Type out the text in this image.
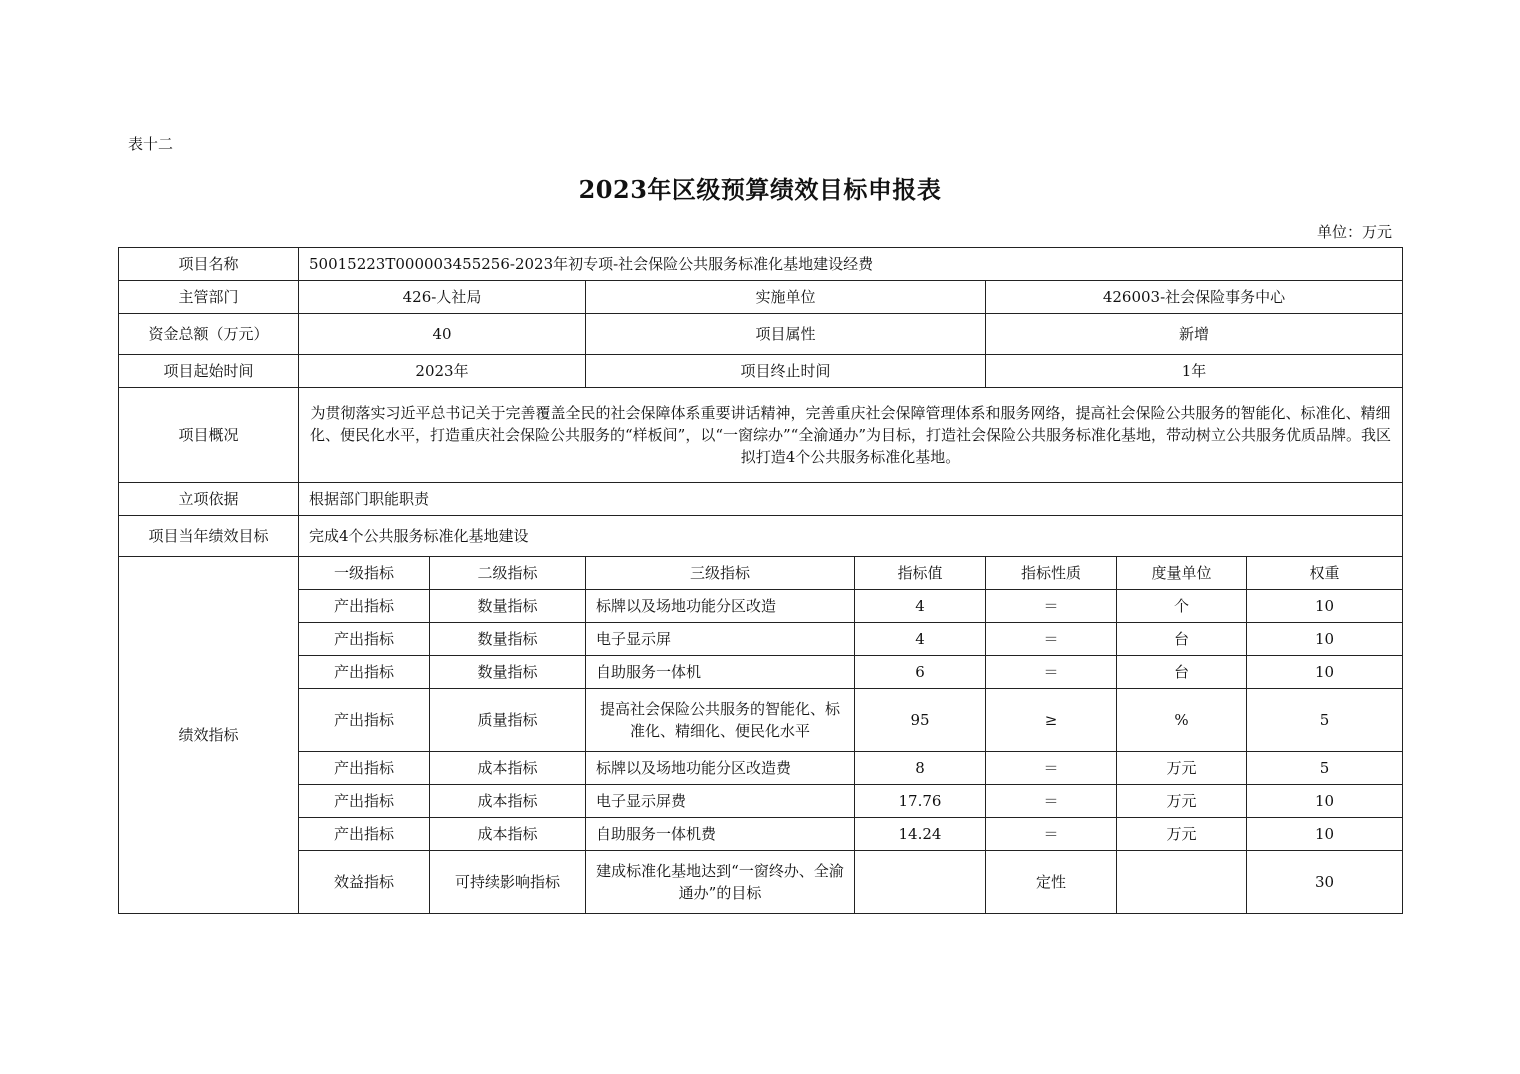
表十二
2023年区级预算绩效目标申报表
单位：万元
项目名称	50015223T000003455256-2023年初专项-社会保险公共服务标准化基地建设经费						
主管部门	426-人社局		实施单位		426003-社会保险事务中心		
资金总额（万元）	40		项目属性		新增		
项目起始时间	2023年		项目终止时间		1年		
项目概况	为贯彻落实习近平总书记关于完善覆盖全民的社会保障体系重要讲话精神，完善重庆社会保障管理体系和服务网络，提高社会保险公共服务的智能化、标准化、精细化、便民化水平，打造重庆社会保险公共服务的“样板间”，以“一窗综办”“全渝通办”为目标，打造社会保险公共服务标准化基地，带动树立公共服务优质品牌。我区拟打造4个公共服务标准化基地。						
立项依据	根据部门职能职责						
项目当年绩效目标	完成4个公共服务标准化基地建设						
绩效指标	一级指标	二级指标	三级指标	指标值	指标性质	度量单位	权重
	产出指标	数量指标	标牌以及场地功能分区改造	4	＝	个	10
	产出指标	数量指标	电子显示屏	4	＝	台	10
	产出指标	数量指标	自助服务一体机	6	＝	台	10
	产出指标	质量指标	提高社会保险公共服务的智能化、标准化、精细化、便民化水平	95	≥	%	5
	产出指标	成本指标	标牌以及场地功能分区改造费	8	＝	万元	5
	产出指标	成本指标	电子显示屏费	17.76	＝	万元	10
	产出指标	成本指标	自助服务一体机费	14.24	＝	万元	10
	效益指标	可持续影响指标	建成标准化基地达到“一窗终办、全渝通办”的目标		定性		30
